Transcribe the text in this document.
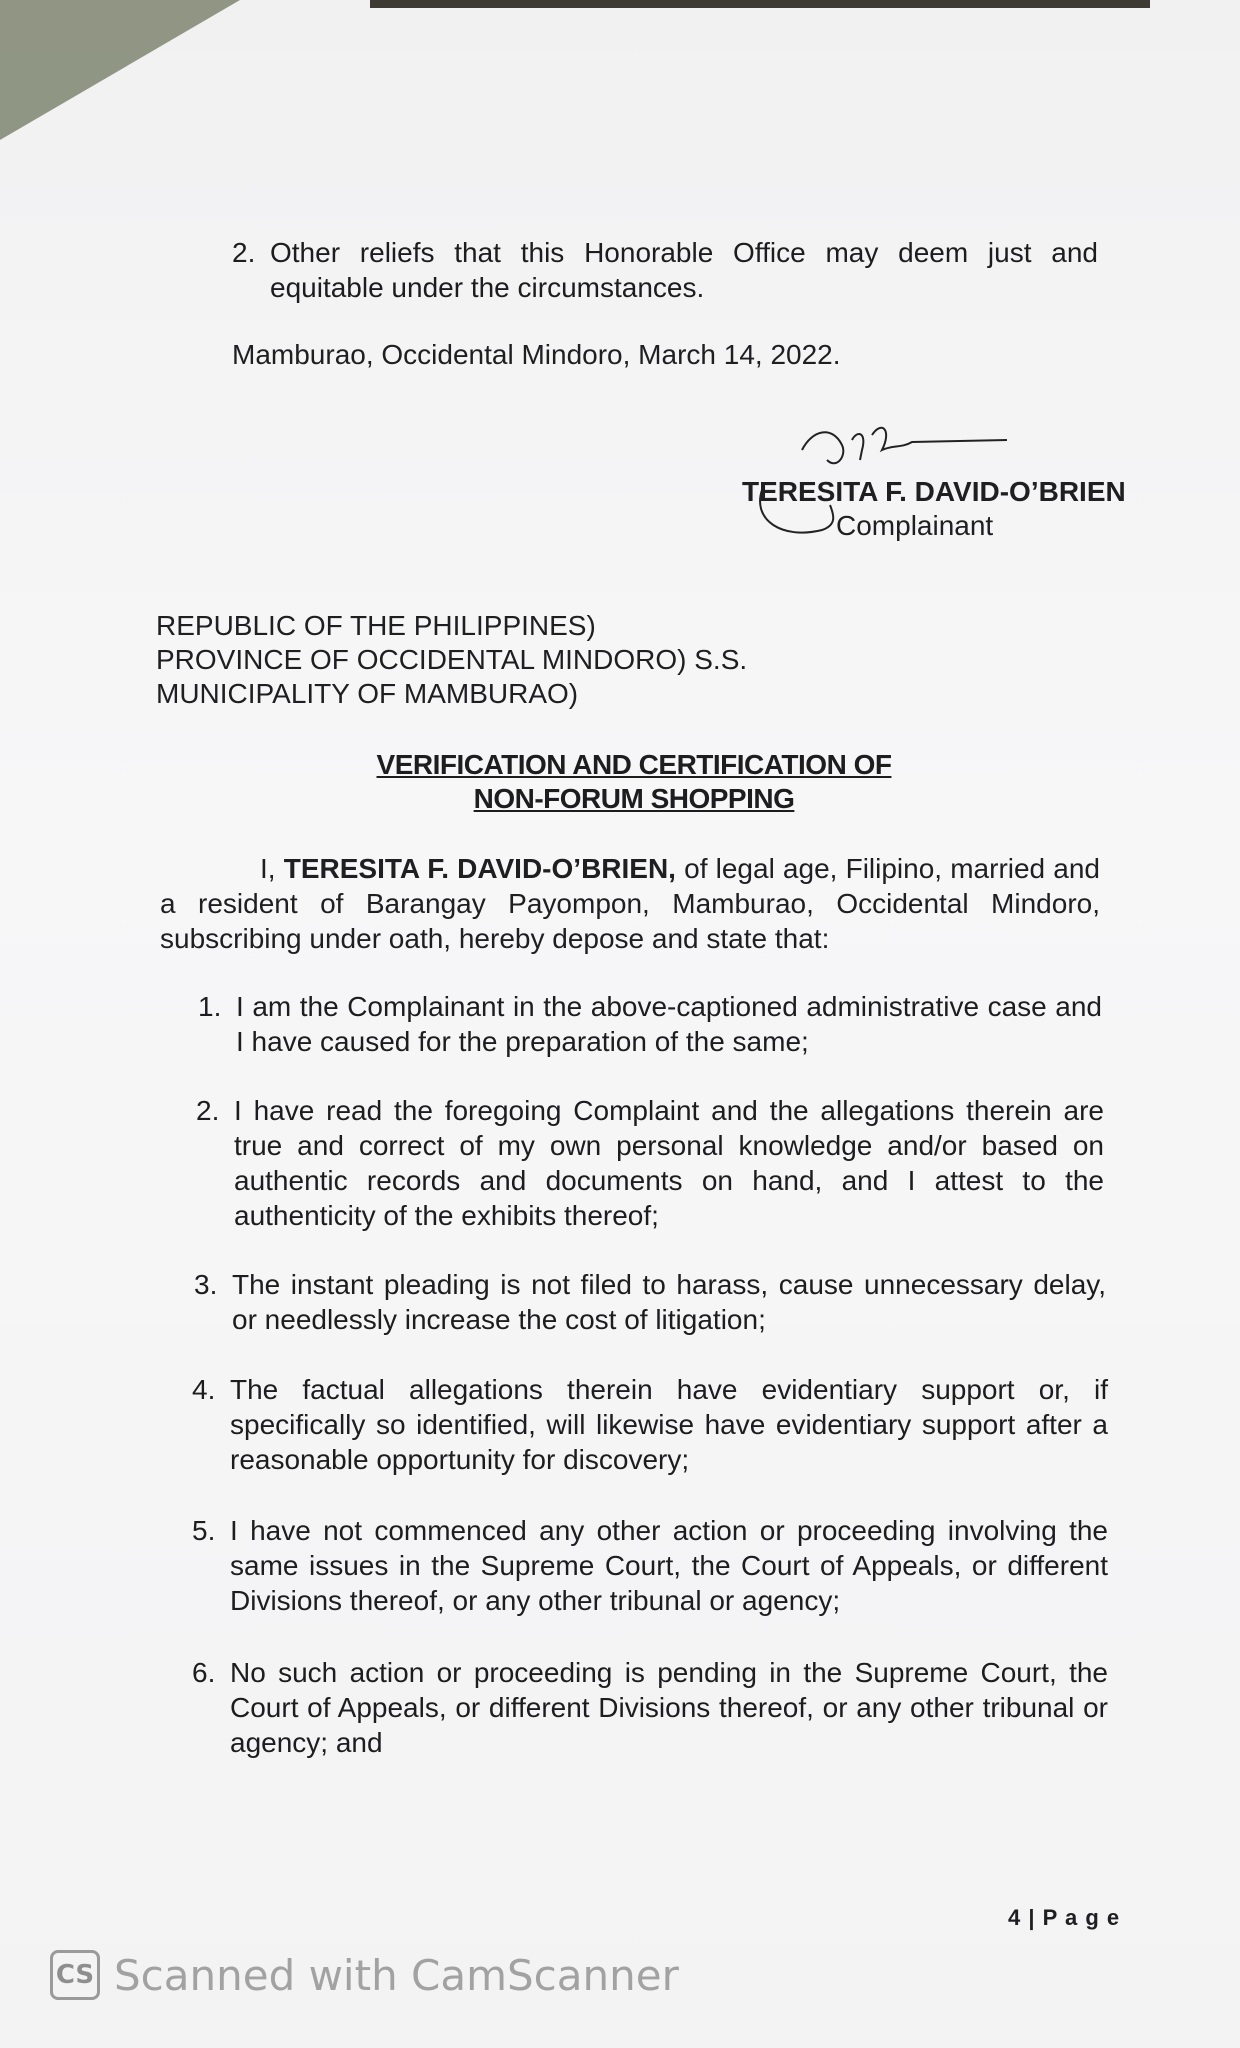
2. Other reliefs that this Honorable Office may deem just and equitable under the circumstances.
Mamburao, Occidental Mindoro, March 14, 2022.
TERESITA F. DAVID-O’BRIEN
Complainant
REPUBLIC OF THE PHILIPPINES)
PROVINCE OF OCCIDENTAL MINDORO) S.S.
MUNICIPALITY OF MAMBURAO)
VERIFICATION AND CERTIFICATION OF
NON-FORUM SHOPPING
I, TERESITA F. DAVID-O’BRIEN, of legal age, Filipino, married and a resident of Barangay Payompon, Mamburao, Occidental Mindoro, subscribing under oath, hereby depose and state that:
1. I am the Complainant in the above-captioned administrative case and I have caused for the preparation of the same;
2. I have read the foregoing Complaint and the allegations therein are true and correct of my own personal knowledge and/or based on authentic records and documents on hand, and I attest to the authenticity of the exhibits thereof;
3. The instant pleading is not filed to harass, cause unnecessary delay, or needlessly increase the cost of litigation;
4. The factual allegations therein have evidentiary support or, if specifically so identified, will likewise have evidentiary support after a reasonable opportunity for discovery;
5. I have not commenced any other action or proceeding involving the same issues in the Supreme Court, the Court of Appeals, or different Divisions thereof, or any other tribunal or agency;
6. No such action or proceeding is pending in the Supreme Court, the Court of Appeals, or different Divisions thereof, or any other tribunal or agency; and
4 | P a g e
CS Scanned with CamScanner
